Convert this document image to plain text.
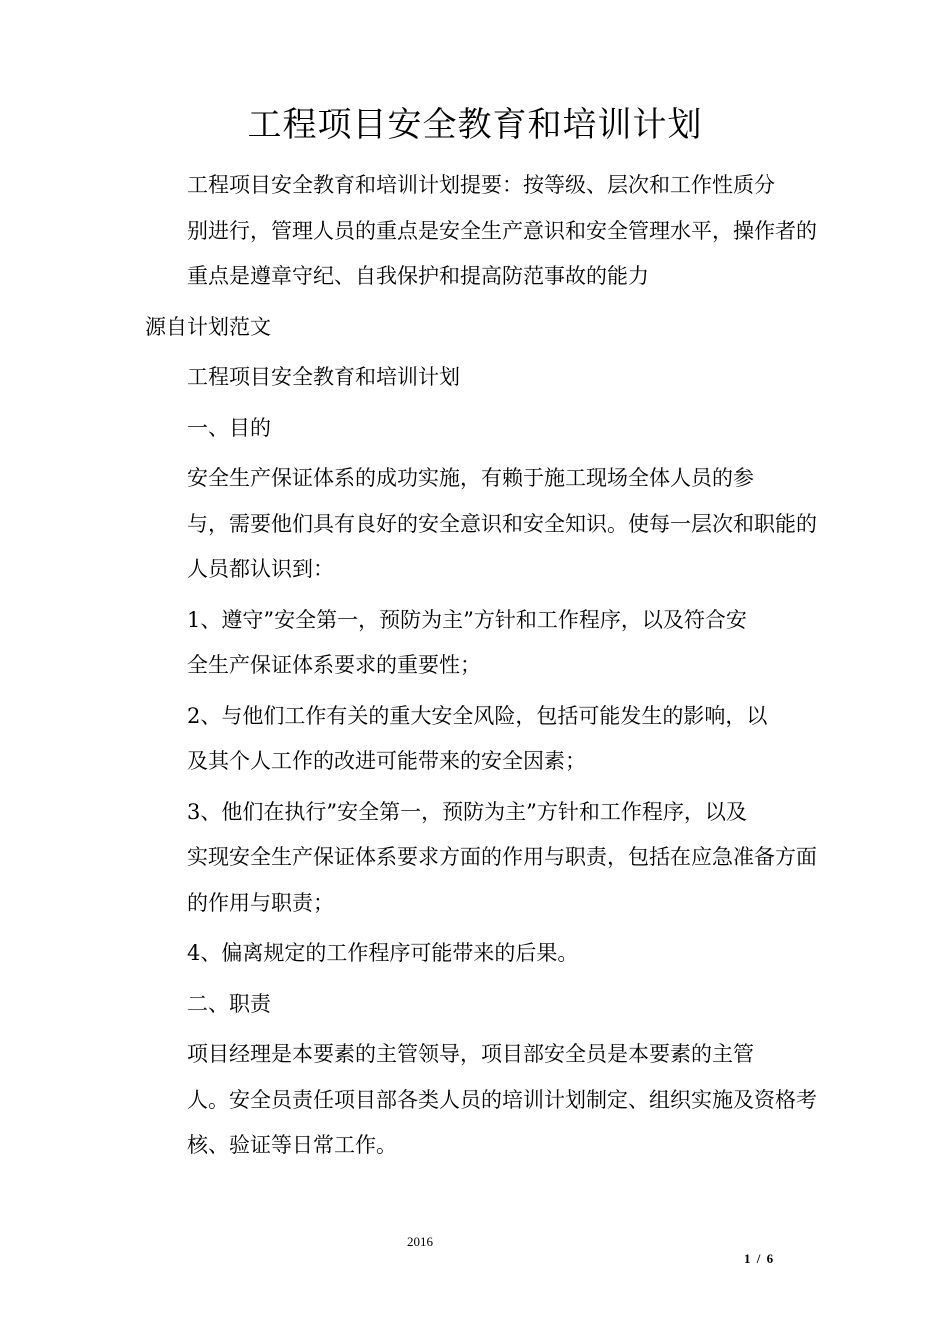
工程项目安全教育和培训计划

工程项目安全教育和培训计划提要：按等级、层次和工作性质分
别进行，管理人员的重点是安全生产意识和安全管理水平，操作者的
重点是遵章守纪、自我保护和提高防范事故的能力

源自计划范文

工程项目安全教育和培训计划

一、目的

安全生产保证体系的成功实施，有赖于施工现场全体人员的参
与，需要他们具有良好的安全意识和安全知识。使每一层次和职能的
人员都认识到：

1、遵守”安全第一，预防为主”方针和工作程序，以及符合安
全生产保证体系要求的重要性；

2、与他们工作有关的重大安全风险，包括可能发生的影响，以
及其个人工作的改进可能带来的安全因素；

3、他们在执行”安全第一，预防为主”方针和工作程序，以及
实现安全生产保证体系要求方面的作用与职责，包括在应急准备方面
的作用与职责；

4、偏离规定的工作程序可能带来的后果。

二、职责

项目经理是本要素的主管领导，项目部安全员是本要素的主管
人。安全员责任项目部各类人员的培训计划制定、组织实施及资格考
核、验证等日常工作。

2016
1 / 6
